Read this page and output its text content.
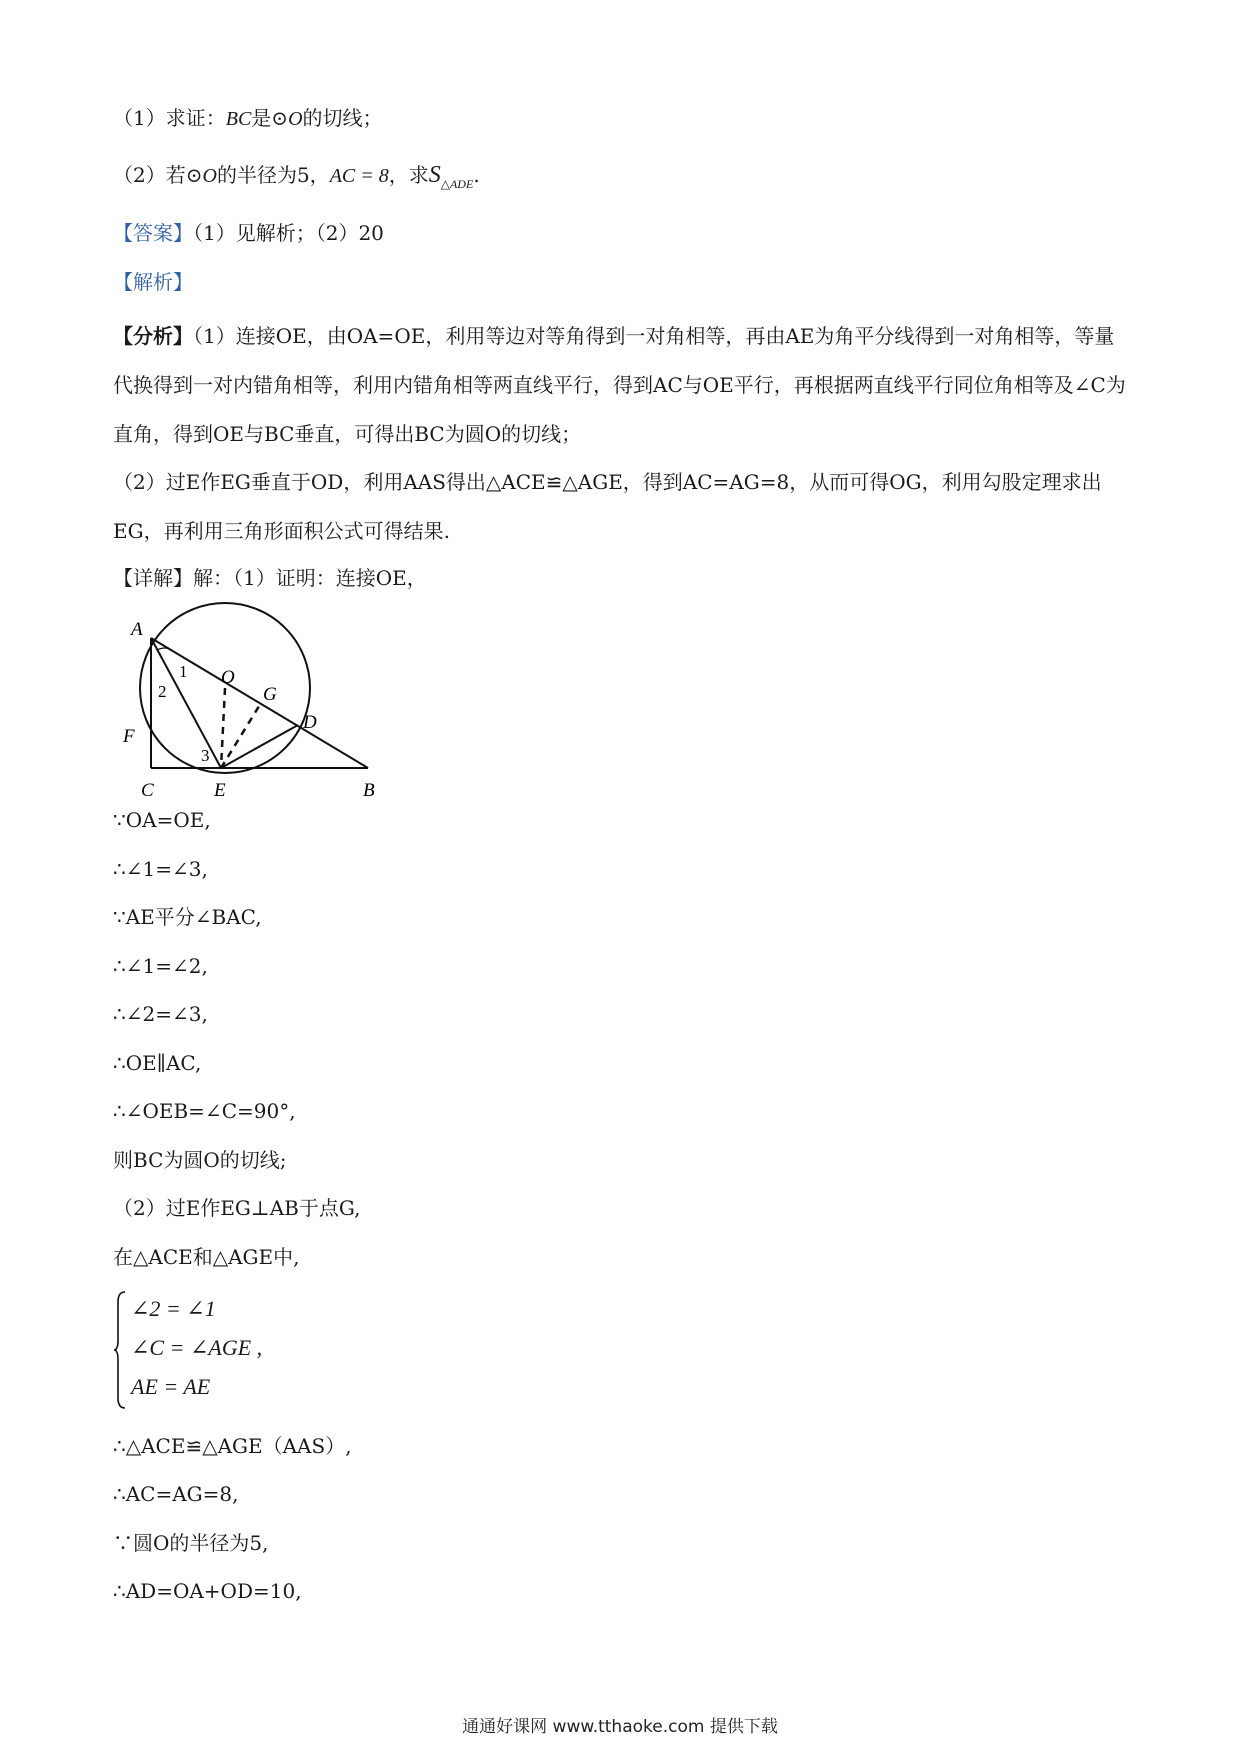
（1）求证：BC是⊙O的切线；
（2）若⊙O的半径为5，AC = 8，求$S_{\triangle ADE}$.
【答案】（1）见解析；（2）20
【解析】
【分析】（1）连接OE，由OA=OE，利用等边对等角得到一对角相等，再由AE为角平分线得到一对角相等，等量代换得到一对内错角相等，利用内错角相等两直线平行，得到AC与OE平行，再根据两直线平行同位角相等及∠C为直角，得到OE与BC垂直，可得出BC为圆O的切线；
（2）过E作EG垂直于OD，利用AAS得出△ACE≌△AGE，得到AC=AG=8，从而可得OG，利用勾股定理求出EG，再利用三角形面积公式可得结果.
【详解】解：（1）证明：连接OE，
A
O
G
D
F
C	E	B
1
2
3
∵OA=OE,
∴∠1=∠3,
∵AE平分∠BAC,
∴∠1=∠2,
∴∠2=∠3,
∴OE∥AC,
∴∠OEB=∠C=90°,
则BC为圆O的切线;
（2）过E作EG⊥AB于点G,
在△ACE和△AGE中,
∠2 = ∠1
∠C = ∠AGE ,
AE = AE
∴△ACE≌△AGE（AAS）,
∴AC=AG=8,
∵圆O的半径为5,
∴AD=OA+OD=10,
通通好课网 www.tthaoke.com 提供下载
